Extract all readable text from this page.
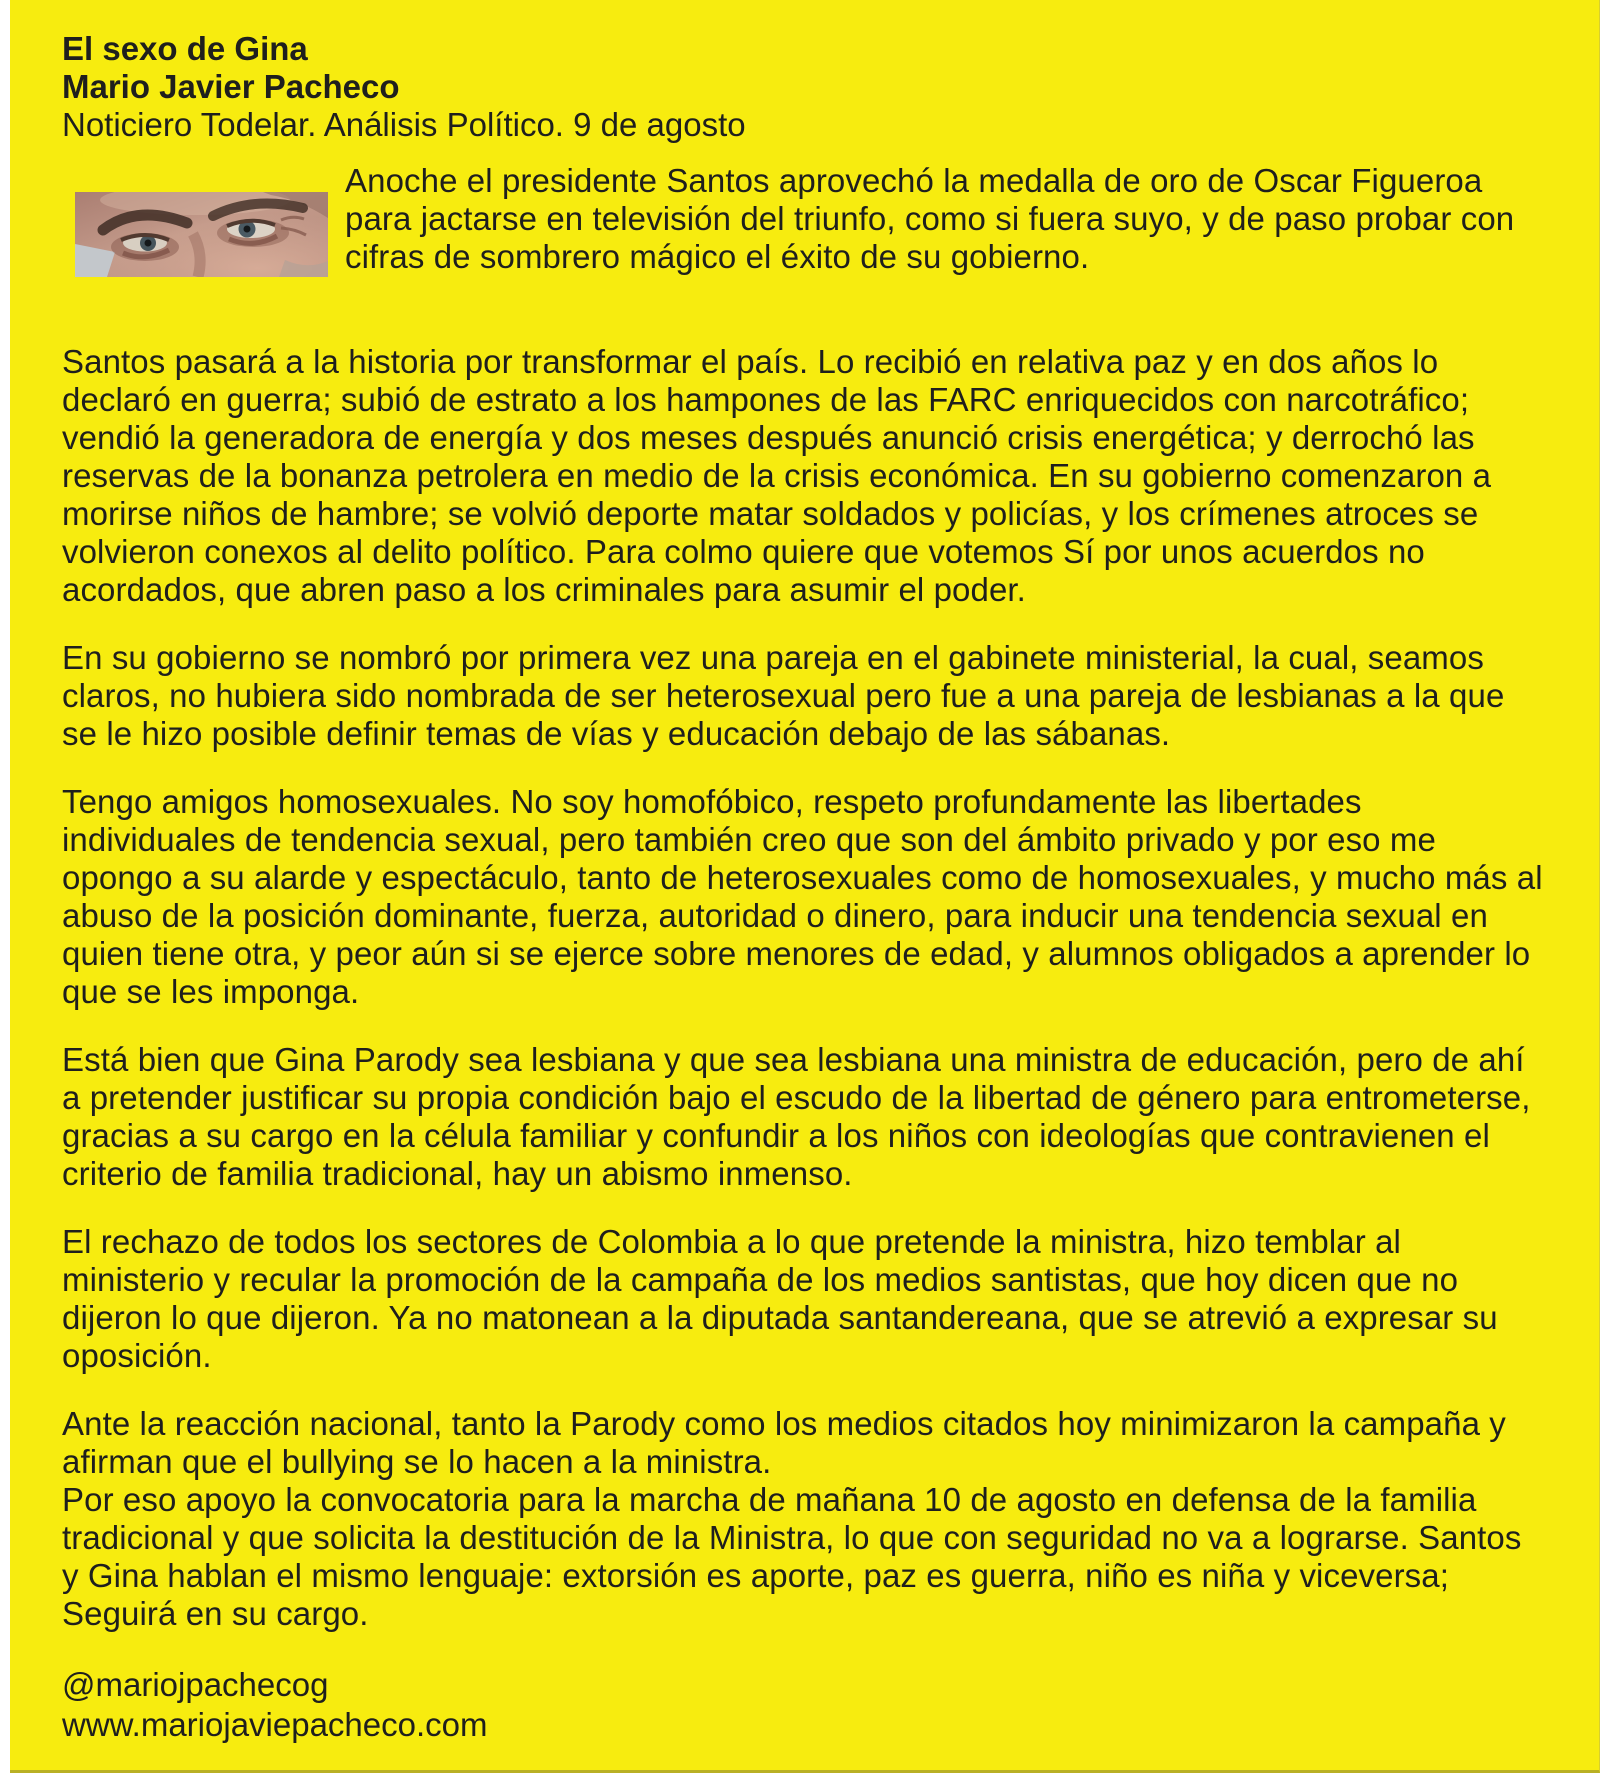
El sexo de Gina
Mario Javier Pacheco
Noticiero Todelar. Análisis Político. 9 de agosto
Anoche el presidente Santos aprovechó la medalla de oro de Oscar Figueroa para jactarse en televisión del triunfo, como si fuera suyo, y de paso probar con cifras de sombrero mágico el éxito de su gobierno.

Santos pasará a la historia por transformar el país. Lo recibió en relativa paz y en dos años lo declaró en guerra; subió de estrato a los hampones de las FARC enriquecidos con narcotráfico; vendió la generadora de energía y dos meses después anunció crisis energética; y derrochó las reservas de la bonanza petrolera en medio de la crisis económica. En su gobierno comenzaron a morirse niños de hambre; se volvió deporte matar soldados y policías, y los crímenes atroces se volvieron conexos al delito político. Para colmo quiere que votemos Sí por unos acuerdos no acordados, que abren paso a los criminales para asumir el poder.

En su gobierno se nombró por primera vez una pareja en el gabinete ministerial, la cual, seamos claros, no hubiera sido nombrada de ser heterosexual pero fue a una pareja de lesbianas a la que se le hizo posible definir temas de vías y educación debajo de las sábanas.

Tengo amigos homosexuales. No soy homofóbico, respeto profundamente las libertades individuales de tendencia sexual, pero también creo que son del ámbito privado y por eso me opongo a su alarde y espectáculo, tanto de heterosexuales como de homosexuales, y mucho más al abuso de la posición dominante, fuerza, autoridad o dinero, para inducir una tendencia sexual en quien tiene otra, y peor aún si se ejerce sobre menores de edad, y alumnos obligados a aprender lo que se les imponga.

Está bien que Gina Parody sea lesbiana y que sea lesbiana una ministra de educación, pero de ahí a pretender justificar su propia condición bajo el escudo de la libertad de género para entrometerse, gracias a su cargo en la célula familiar y confundir a los niños con ideologías que contravienen el criterio de familia tradicional, hay un abismo inmenso.

El rechazo de todos los sectores de Colombia a lo que pretende la ministra, hizo temblar al ministerio y recular la promoción de la campaña de los medios santistas, que hoy dicen que no dijeron lo que dijeron. Ya no matonean a la diputada santandereana, que se atrevió a expresar su oposición.

Ante la reacción nacional, tanto la Parody como los medios citados hoy minimizaron la campaña y afirman que el bullying se lo hacen a la ministra.

Por eso apoyo la convocatoria para la marcha de mañana 10 de agosto en defensa de la familia tradicional y que solicita la destitución de la Ministra, lo que con seguridad no va a lograrse. Santos y Gina hablan el mismo lenguaje: extorsión es aporte, paz es guerra, niño es niña y viceversa; Seguirá en su cargo.

@mariojpachecog
www.mariojaviepacheco.com
